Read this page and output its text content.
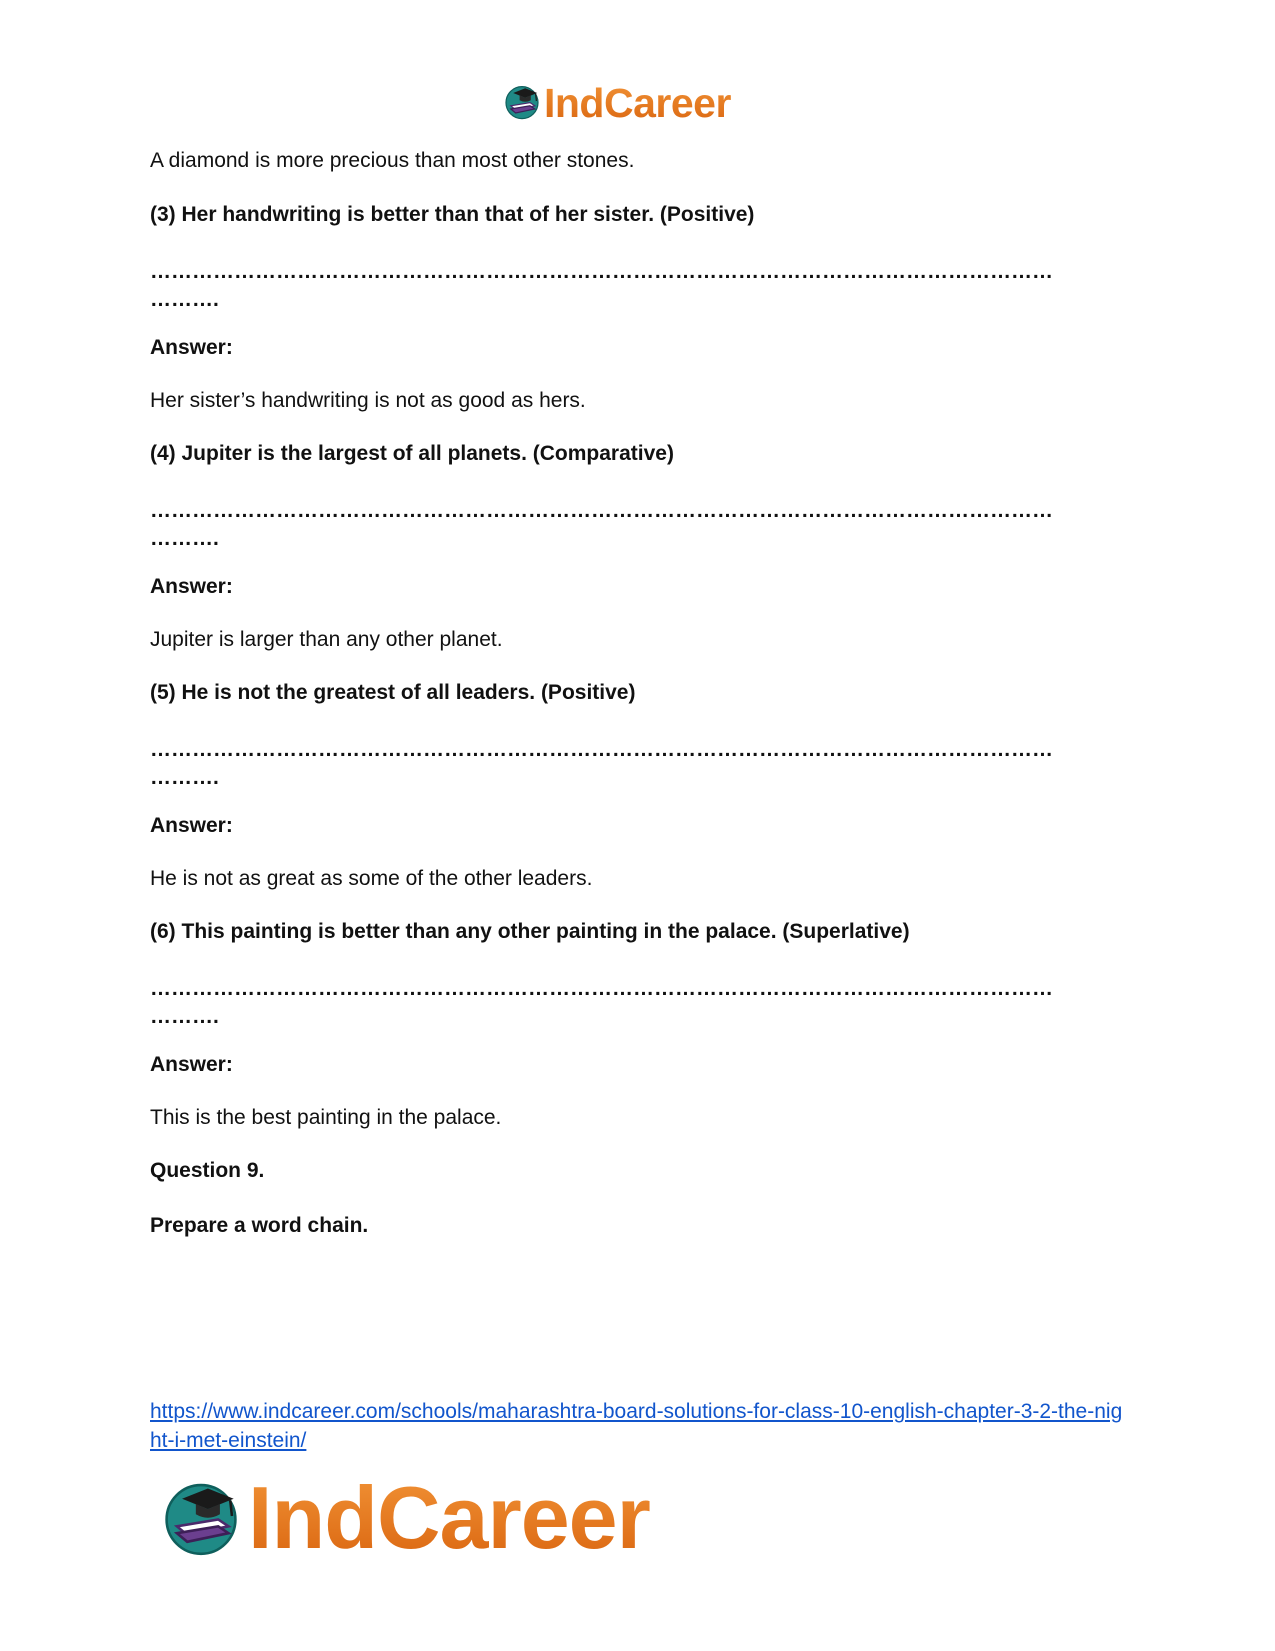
IndCareer

A diamond is more precious than most other stones.

(3) Her handwriting is better than that of her sister. (Positive)

…………………………………………………………………………………………………………………
……….

Answer:

Her sister’s handwriting is not as good as hers.

(4) Jupiter is the largest of all planets. (Comparative)

…………………………………………………………………………………………………………………
……….

Answer:

Jupiter is larger than any other planet.

(5) He is not the greatest of all leaders. (Positive)

…………………………………………………………………………………………………………………
……….

Answer:

He is not as great as some of the other leaders.

(6) This painting is better than any other painting in the palace. (Superlative)

…………………………………………………………………………………………………………………
……….

Answer:

This is the best painting in the palace.

Question 9.

Prepare a word chain.

https://www.indcareer.com/schools/maharashtra-board-solutions-for-class-10-english-chapter-3-2-the-night-i-met-einstein/
IndCareer
